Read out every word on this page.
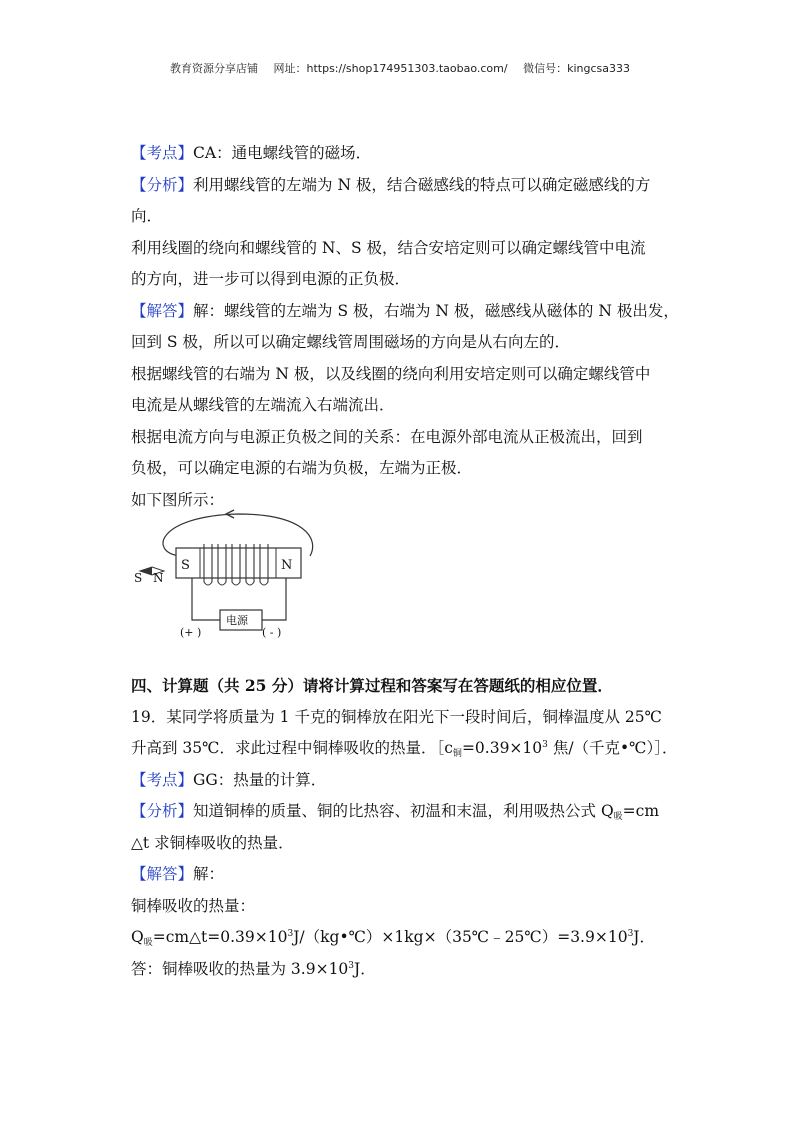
教育资源分享店铺 网址：https://shop174951303.taobao.com/ 微信号：kingcsa333
【考点】CA：通电螺线管的磁场．
【分析】利用螺线管的左端为 N 极，结合磁感线的特点可以确定磁感线的方
向．
利用线圈的绕向和螺线管的 N、S 极，结合安培定则可以确定螺线管中电流
的方向，进一步可以得到电源的正负极．
【解答】解：螺线管的左端为 S 极，右端为 N 极，磁感线从磁体的 N 极出发，
回到 S 极，所以可以确定螺线管周围磁场的方向是从右向左的．
根据螺线管的右端为 N 极，以及线圈的绕向利用安培定则可以确定螺线管中
电流是从螺线管的左端流入右端流出．
根据电流方向与电源正负极之间的关系：在电源外部电流从正极流出，回到
负极，可以确定电源的右端为负极，左端为正极．
如下图所示：
S	N
S N
电源
(+ )	( - )
四、计算题（共 25 分）请将计算过程和答案写在答题纸的相应位置．
19．某同学将质量为 1 千克的铜棒放在阳光下一段时间后，铜棒温度从 25℃
升高到 35℃．求此过程中铜棒吸收的热量．［c铜$=0.39\times 10^3$ 焦/（千克•℃）］．
【考点】GG：热量的计算．
【分析】知道铜棒的质量、铜的比热容、初温和末温，利用吸热公式 Q吸=cm
△t 求铜棒吸收的热量．
【解答】解：
铜棒吸收的热量：
Q吸$=cm\triangle t=0.39\times 10^3J/(kg•℃)\times 1kg\times(35℃﹣25℃)=3.9\times 10^3J$．
答：铜棒吸收的热量为 $3.9\times 10^3J$．
